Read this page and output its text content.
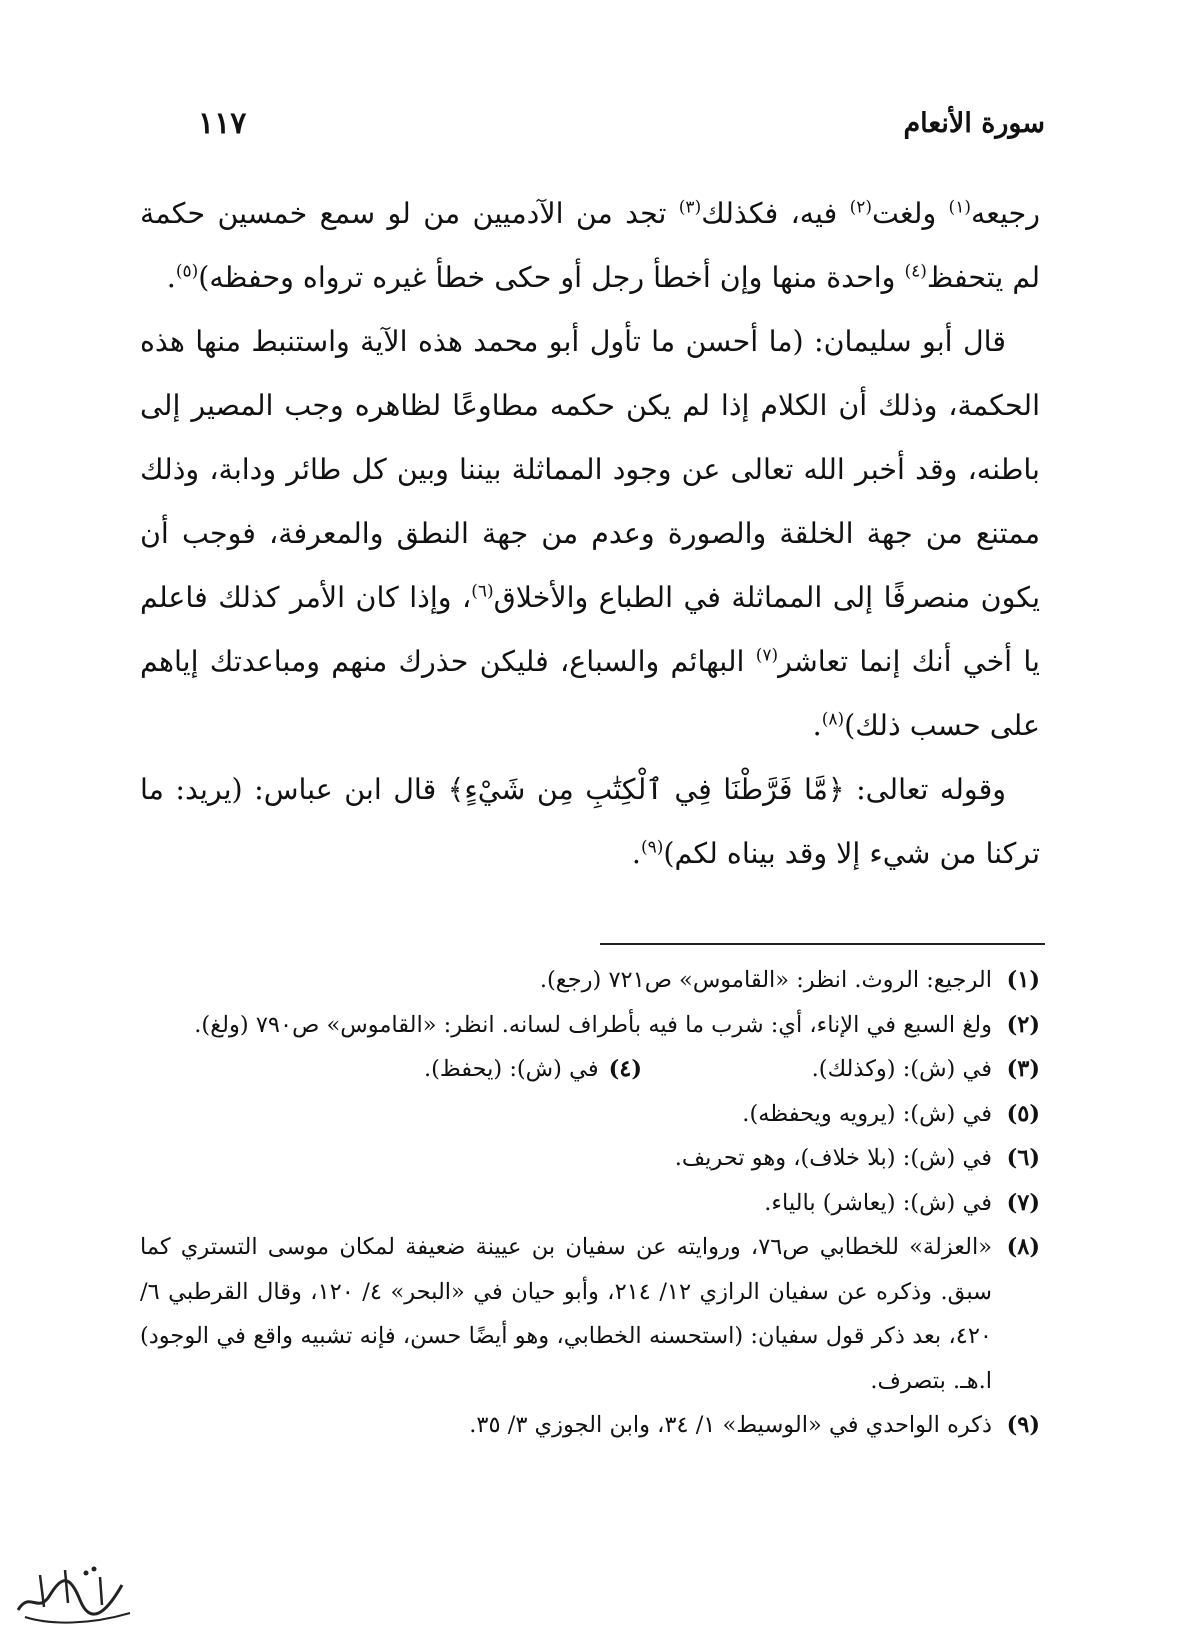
سورة الأنعام
١١٧

رجيعه$^{(١)}$ ولغت$^{(٢)}$ فيه، فكذلك$^{(٣)}$ تجد من الآدميين من لو سمع خمسين حكمة لم يتحفظ$^{(٤)}$ واحدة منها وإن أخطأ رجل أو حكى خطأ غيره ترواه وحفظه)$^{(٥)}$.

قال أبو سليمان: (ما أحسن ما تأول أبو محمد هذه الآية واستنبط منها هذه الحكمة، وذلك أن الكلام إذا لم يكن حكمه مطاوعًا لظاهره وجب المصير إلى باطنه، وقد أخبر الله تعالى عن وجود المماثلة بيننا وبين كل طائر ودابة، وذلك ممتنع من جهة الخلقة والصورة وعدم من جهة النطق والمعرفة، فوجب أن يكون منصرفًا إلى المماثلة في الطباع والأخلاق$^{(٦)}$، وإذا كان الأمر كذلك فاعلم يا أخي أنك إنما تعاشر$^{(٧)}$ البهائم والسباع، فليكن حذرك منهم ومباعدتك إياهم على حسب ذلك)$^{(٨)}$.

وقوله تعالى: ﴿مَّا فَرَّطْنَا فِي ٱلْكِتَٰبِ مِن شَيْءٍ﴾ قال ابن عباس: (يريد: ما تركنا من شيء إلا وقد بيناه لكم)$^{(٩)}$.

(١)
الرجيع: الروث. انظر: «القاموس» ص٧٢١ (رجع).
(٢)
ولغ السبع في الإناء، أي: شرب ما فيه بأطراف لسانه. انظر: «القاموس» ص٧٩٠ (ولغ).
(٣)
في (ش): (وكذلك).
(٤)في (ش): (يحفظ).
(٥)
في (ش): (يرويه ويحفظه).
(٦)
في (ش): (بلا خلاف)، وهو تحريف.
(٧)
في (ش): (يعاشر) بالياء.
(٨)
«العزلة» للخطابي ص٧٦، وروايته عن سفيان بن عيينة ضعيفة لمكان موسى التستري كما سبق. وذكره عن سفيان الرازي ١٢/ ٢١٤، وأبو حيان في «البحر» ٤/ ١٢٠، وقال القرطبي ٦/ ٤٢٠، بعد ذكر قول سفيان: (استحسنه الخطابي، وهو أيضًا حسن، فإنه تشبيه واقع في الوجود) ا.هـ. بتصرف.
(٩)
ذكره الواحدي في «الوسيط» ١/ ٣٤، وابن الجوزي ٣/ ٣٥.
